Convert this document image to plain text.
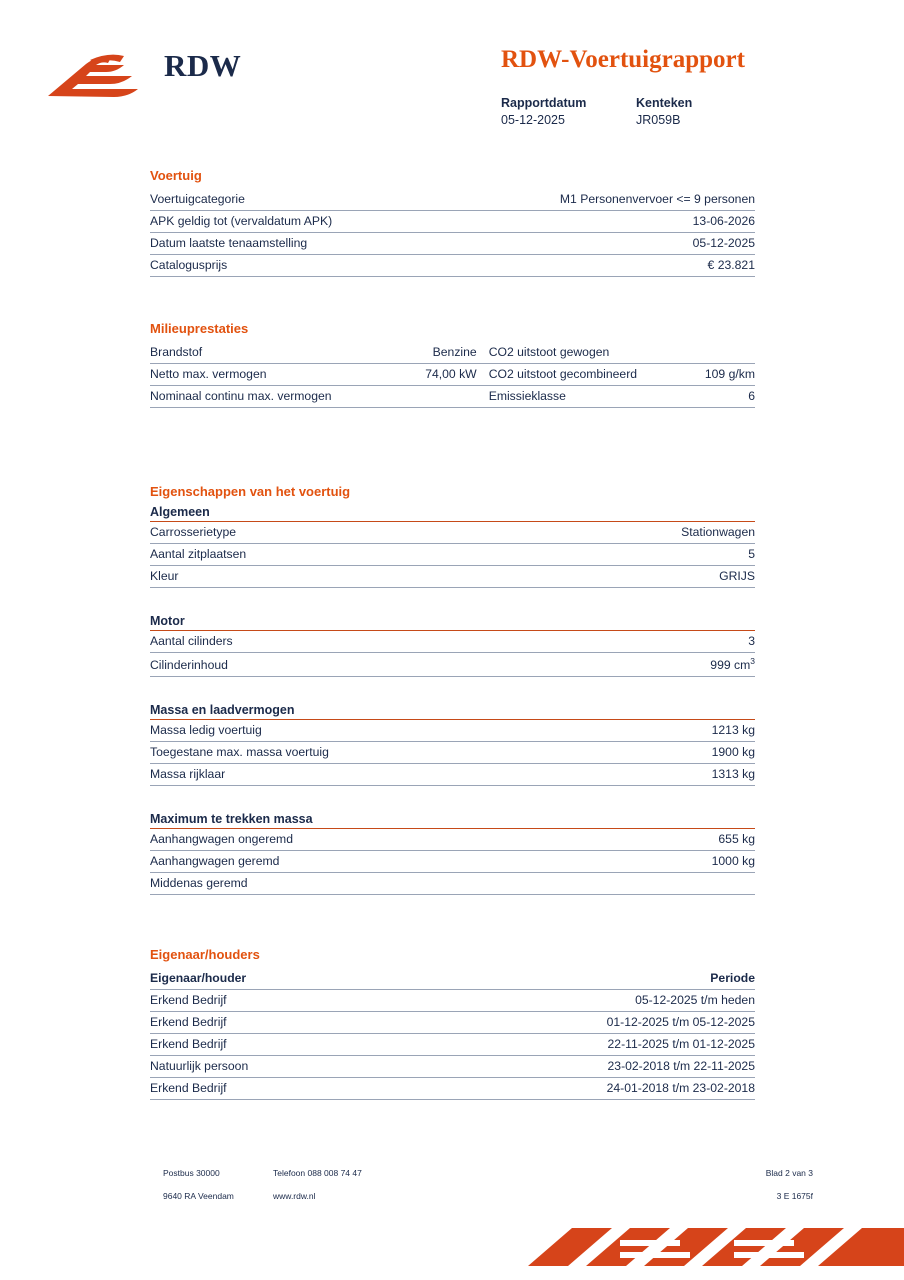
RDW	RDW-Voertuigrapport
Rapportdatum	Kenteken
05-12-2025	JR059B
Voertuig
Voertuigcategorie	M1 Personenvervoer <= 9 personen
APK geldig tot (vervaldatum APK)	13-06-2026
Datum laatste tenaamstelling	05-12-2025
Catalogusprijs	€ 23.821
Milieuprestaties
Brandstof	Benzine	CO2 uitstoot gewogen	
Netto max. vermogen	74,00 kW	CO2 uitstoot gecombineerd	109 g/km
Nominaal continu max. vermogen		Emissieklasse	6
Eigenschappen van het voertuig
Algemeen
Carrosserietype	Stationwagen
Aantal zitplaatsen	5
Kleur	GRIJS
Motor
Aantal cilinders	3
Cilinderinhoud	999 $cm^3$
Massa en laadvermogen
Massa ledig voertuig	1213 kg
Toegestane max. massa voertuig	1900 kg
Massa rijklaar	1313 kg
Maximum te trekken massa
Aanhangwagen ongeremd	655 kg
Aanhangwagen geremd	1000 kg
Middenas geremd	
Eigenaar/houders
Eigenaar/houder	Periode
Erkend Bedrijf	05-12-2025 t/m heden
Erkend Bedrijf	01-12-2025 t/m 05-12-2025
Erkend Bedrijf	22-11-2025 t/m 01-12-2025
Natuurlijk persoon	23-02-2018 t/m 22-11-2025
Erkend Bedrijf	24-01-2018 t/m 23-02-2018
Postbus 30000	Telefoon 088 008 74 47	Blad 2 van 3
9640 RA Veendam	www.rdw.nl	3 E 1675f
